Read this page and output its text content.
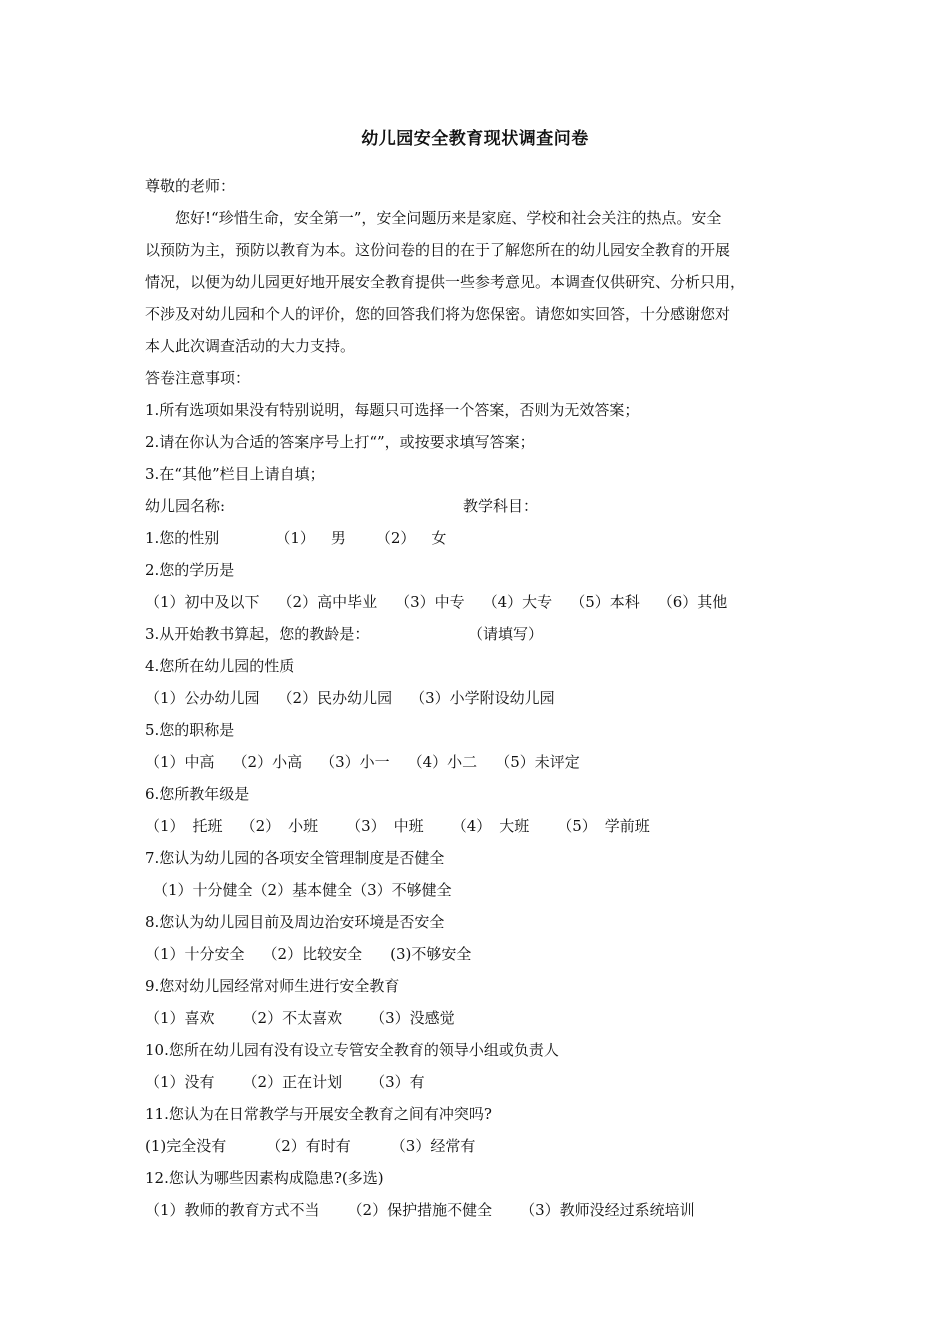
幼儿园安全教育现状调查问卷
尊敬的老师：
您好!“珍惜生命，安全第一”，安全问题历来是家庭、学校和社会关注的热点。安全
以预防为主，预防以教育为本。这份问卷的目的在于了解您所在的幼儿园安全教育的开展
情况，以便为幼儿园更好地开展安全教育提供一些参考意见。本调查仅供研究、分析只用，
不涉及对幼儿园和个人的评价，您的回答我们将为您保密。请您如实回答，十分感谢您对
本人此次调查活动的大力支持。
答卷注意事项：
1.所有选项如果没有特别说明，每题只可选择一个答案，否则为无效答案；
2.请在你认为合适的答案序号上打“”，或按要求填写答案；
3.在“其他”栏目上请自填；
幼儿园名称:	教学科目：
1.您的性别	（1） 男 （2） 女
2.您的学历是
（1）初中及以下 （2）高中毕业 （3）中专 （4）大专 （5）本科 （6）其他
3.从开始教书算起，您的教龄是：	（请填写）
4.您所在幼儿园的性质
（1）公办幼儿园 （2）民办幼儿园 （3）小学附设幼儿园
5.您的职称是
（1）中高 （2）小高 （3）小一 （4）小二 （5）未评定
6.您所教年级是
（1） 托班 （2） 小班 （3） 中班 （4） 大班 （5） 学前班
7.您认为幼儿园的各项安全管理制度是否健全
（1）十分健全（2）基本健全（3）不够健全
8.您认为幼儿园目前及周边治安环境是否安全
（1）十分安全 （2）比较安全 (3)不够安全
9.您对幼儿园经常对师生进行安全教育
（1）喜欢 （2）不太喜欢 （3）没感觉
10.您所在幼儿园有没有设立专管安全教育的领导小组或负责人
（1）没有 （2）正在计划 （3）有
11.您认为在日常教学与开展安全教育之间有冲突吗?
(1)完全没有	（2）有时有	（3）经常有
12.您认为哪些因素构成隐患?(多选)
（1）教师的教育方式不当 （2）保护措施不健全 （3）教师没经过系统培训
